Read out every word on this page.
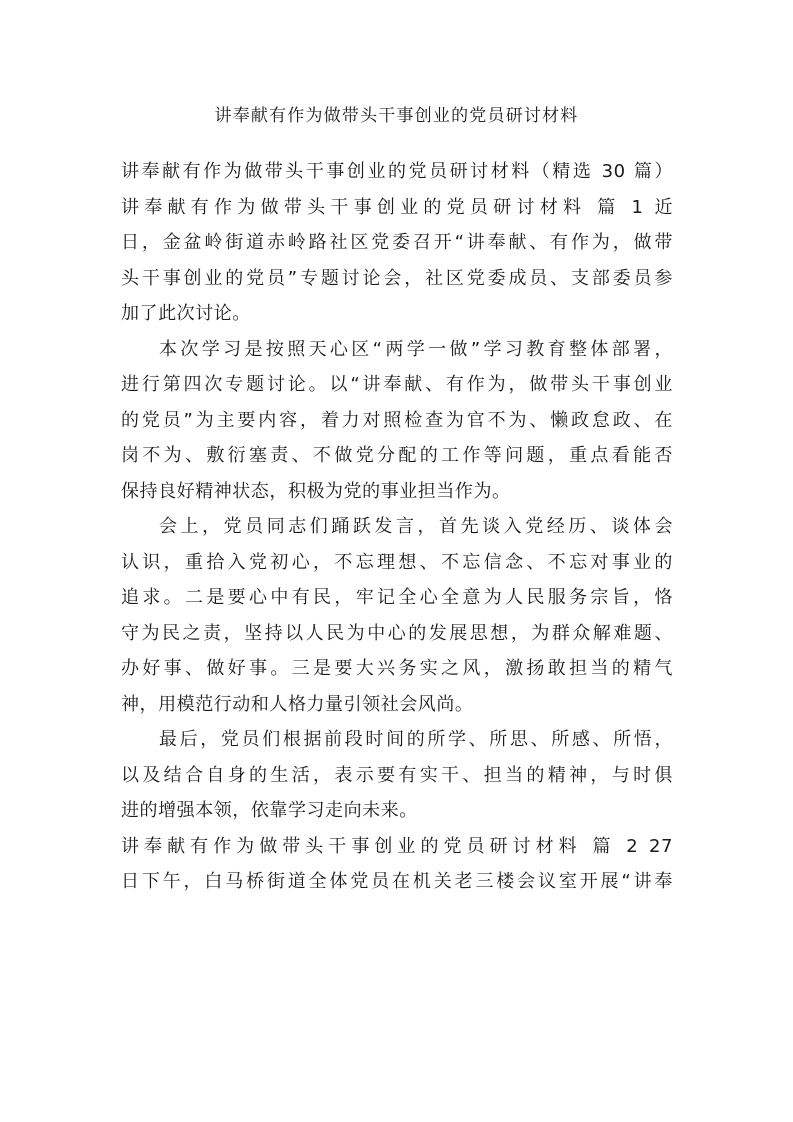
讲奉献有作为做带头干事创业的党员研讨材料
讲奉献有作为做带头干事创业的党员研讨材料（精选 30 篇）
讲奉献有作为做带头干事创业的党员研讨材料 篇 1 近
日，金盆岭街道赤岭路社区党委召开“讲奉献、有作为，做带
头干事创业的党员”专题讨论会，社区党委成员、支部委员参
加了此次讨论。
本次学习是按照天心区“两学一做”学习教育整体部署，
进行第四次专题讨论。以“讲奉献、有作为，做带头干事创业
的党员”为主要内容，着力对照检查为官不为、懒政怠政、在
岗不为、敷衍塞责、不做党分配的工作等问题，重点看能否
保持良好精神状态，积极为党的事业担当作为。
会上，党员同志们踊跃发言，首先谈入党经历、谈体会
认识，重拾入党初心，不忘理想、不忘信念、不忘对事业的
追求。二是要心中有民，牢记全心全意为人民服务宗旨，恪
守为民之责，坚持以人民为中心的发展思想，为群众解难题、
办好事、做好事。三是要大兴务实之风，激扬敢担当的精气
神，用模范行动和人格力量引领社会风尚。
最后，党员们根据前段时间的所学、所思、所感、所悟，
以及结合自身的生活，表示要有实干、担当的精神，与时俱
进的增强本领，依靠学习走向未来。
讲奉献有作为做带头干事创业的党员研讨材料 篇 2 27
日下午，白马桥街道全体党员在机关老三楼会议室开展“讲奉
